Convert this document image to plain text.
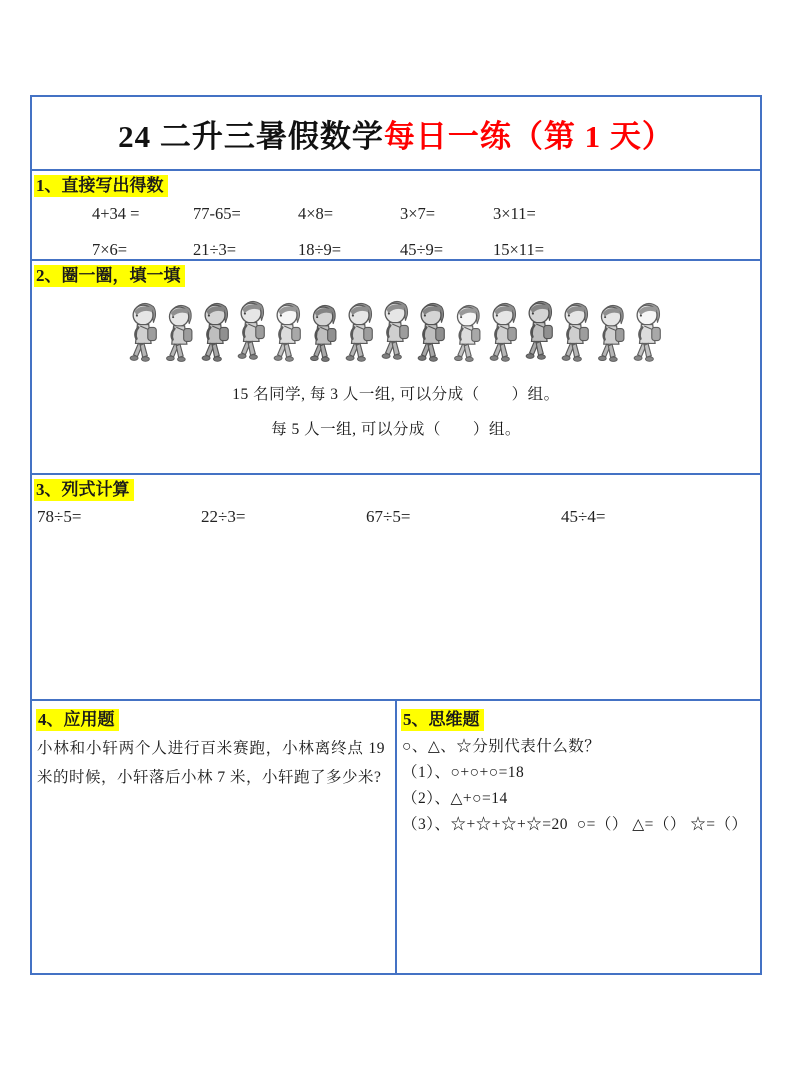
24 二升三暑假数学每日一练（第 1 天）
1、直接写出得数
4+34 =	77-65=	4×8=	3×7=	3×11=
7×6=	21÷3=	18÷9=	45÷9=	15×11=
2、圈一圈，填一填
15 名同学, 每 3 人一组, 可以分成（　　）组。
每 5 人一组, 可以分成（　　）组。
3、列式计算
78÷5=	22÷3=	67÷5=	45÷4=
4、应用题
小林和小轩两个人进行百米赛跑，小林离终点 19 米的时候，小轩落后小林 7 米，小轩跑了多少米?
5、思维题
○、△、☆分别代表什么数？
（1）、○+○+○=18
（2）、△+○=14
（3）、☆+☆+☆+☆=20  ○=（） △=（） ☆=（）
